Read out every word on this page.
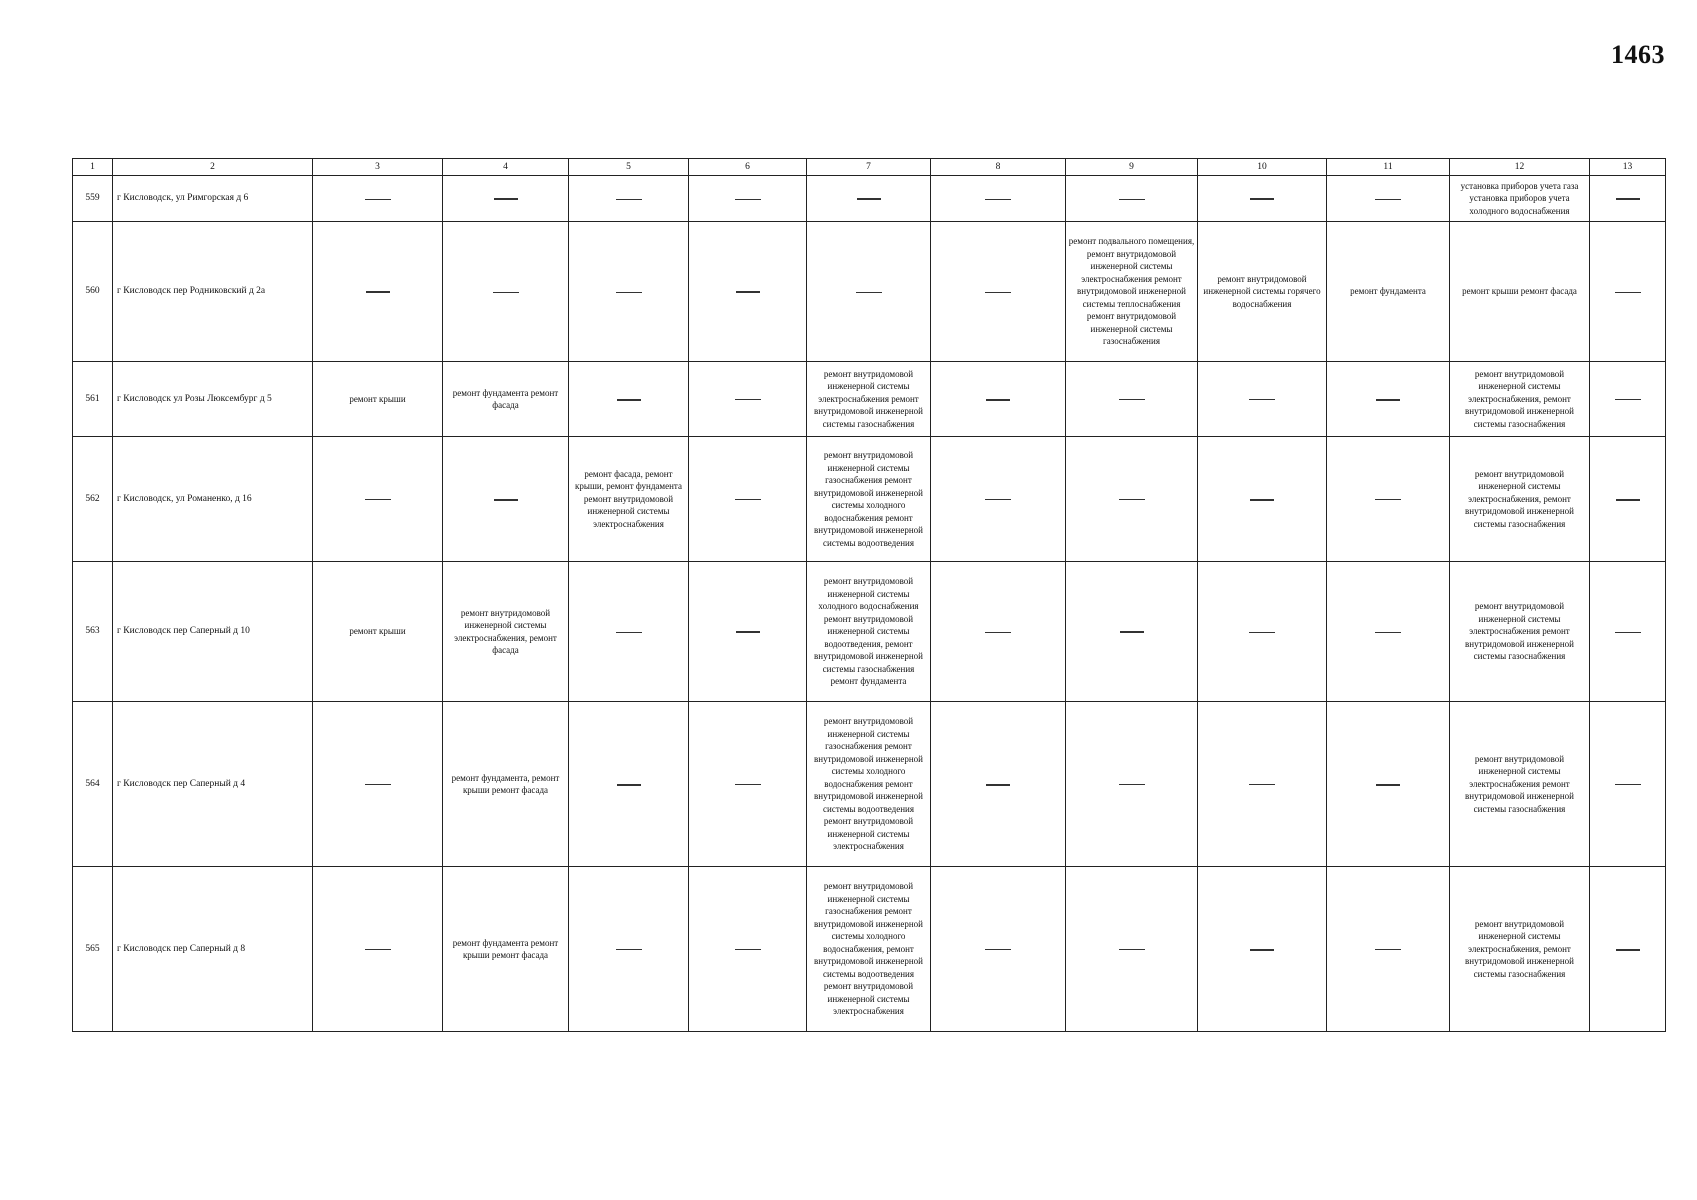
1463
1	2	3	4	5	6	7	8	9	10	11	12	13
559	г Кисловодск, ул Римгорская д 6										установка приборов учета газа установка приборов учета холодного водоснабжения	
560	г Кисловодск пер Родниковский д 2а							ремонт подвального помещения, ремонт внутридомовой инженерной системы электроснабжения ремонт внутридомовой инженерной системы теплоснабжения ремонт внутридомовой инженерной системы газоснабжения	ремонт внутридомовой инженерной системы горячего водоснабжения	ремонт фундамента	ремонт крыши ремонт фасада	
561	г Кисловодск ул Розы Люксембург д 5	ремонт крыши	ремонт фундамента ремонт фасада			ремонт внутридомовой инженерной системы электроснабжения ремонт внутридомовой инженерной системы газоснабжения					ремонт внутридомовой инженерной системы электроснабжения, ремонт внутридомовой инженерной системы газоснабжения	
562	г Кисловодск, ул Романенко, д 16			ремонт фасада, ремонт крыши, ремонт фундамента ремонт внутридомовой инженерной системы электроснабжения		ремонт внутридомовой инженерной системы газоснабжения ремонт внутридомовой инженерной системы холодного водоснабжения ремонт внутридомовой инженерной системы водоотведения					ремонт внутридомовой инженерной системы электроснабжения, ремонт внутридомовой инженерной системы газоснабжения	
563	г Кисловодск пер Саперный д 10	ремонт крыши	ремонт внутридомовой инженерной системы электроснабжения, ремонт фасада			ремонт внутридомовой инженерной системы холодного водоснабжения ремонт внутридомовой инженерной системы водоотведения, ремонт внутридомовой инженерной системы газоснабжения ремонт фундамента					ремонт внутридомовой инженерной системы электроснабжения ремонт внутридомовой инженерной системы газоснабжения	
564	г Кисловодск пер Саперный д 4		ремонт фундамента, ремонт крыши ремонт фасада			ремонт внутридомовой инженерной системы газоснабжения ремонт внутридомовой инженерной системы холодного водоснабжения ремонт внутридомовой инженерной системы водоотведения ремонт внутридомовой инженерной системы электроснабжения					ремонт внутридомовой инженерной системы электроснабжения ремонт внутридомовой инженерной системы газоснабжения	
565	г Кисловодск пер Саперный д 8		ремонт фундамента ремонт крыши ремонт фасада			ремонт внутридомовой инженерной системы газоснабжения ремонт внутридомовой инженерной системы холодного водоснабжения, ремонт внутридомовой инженерной системы водоотведения ремонт внутридомовой инженерной системы электроснабжения					ремонт внутридомовой инженерной системы электроснабжения, ремонт внутридомовой инженерной системы газоснабжения	
